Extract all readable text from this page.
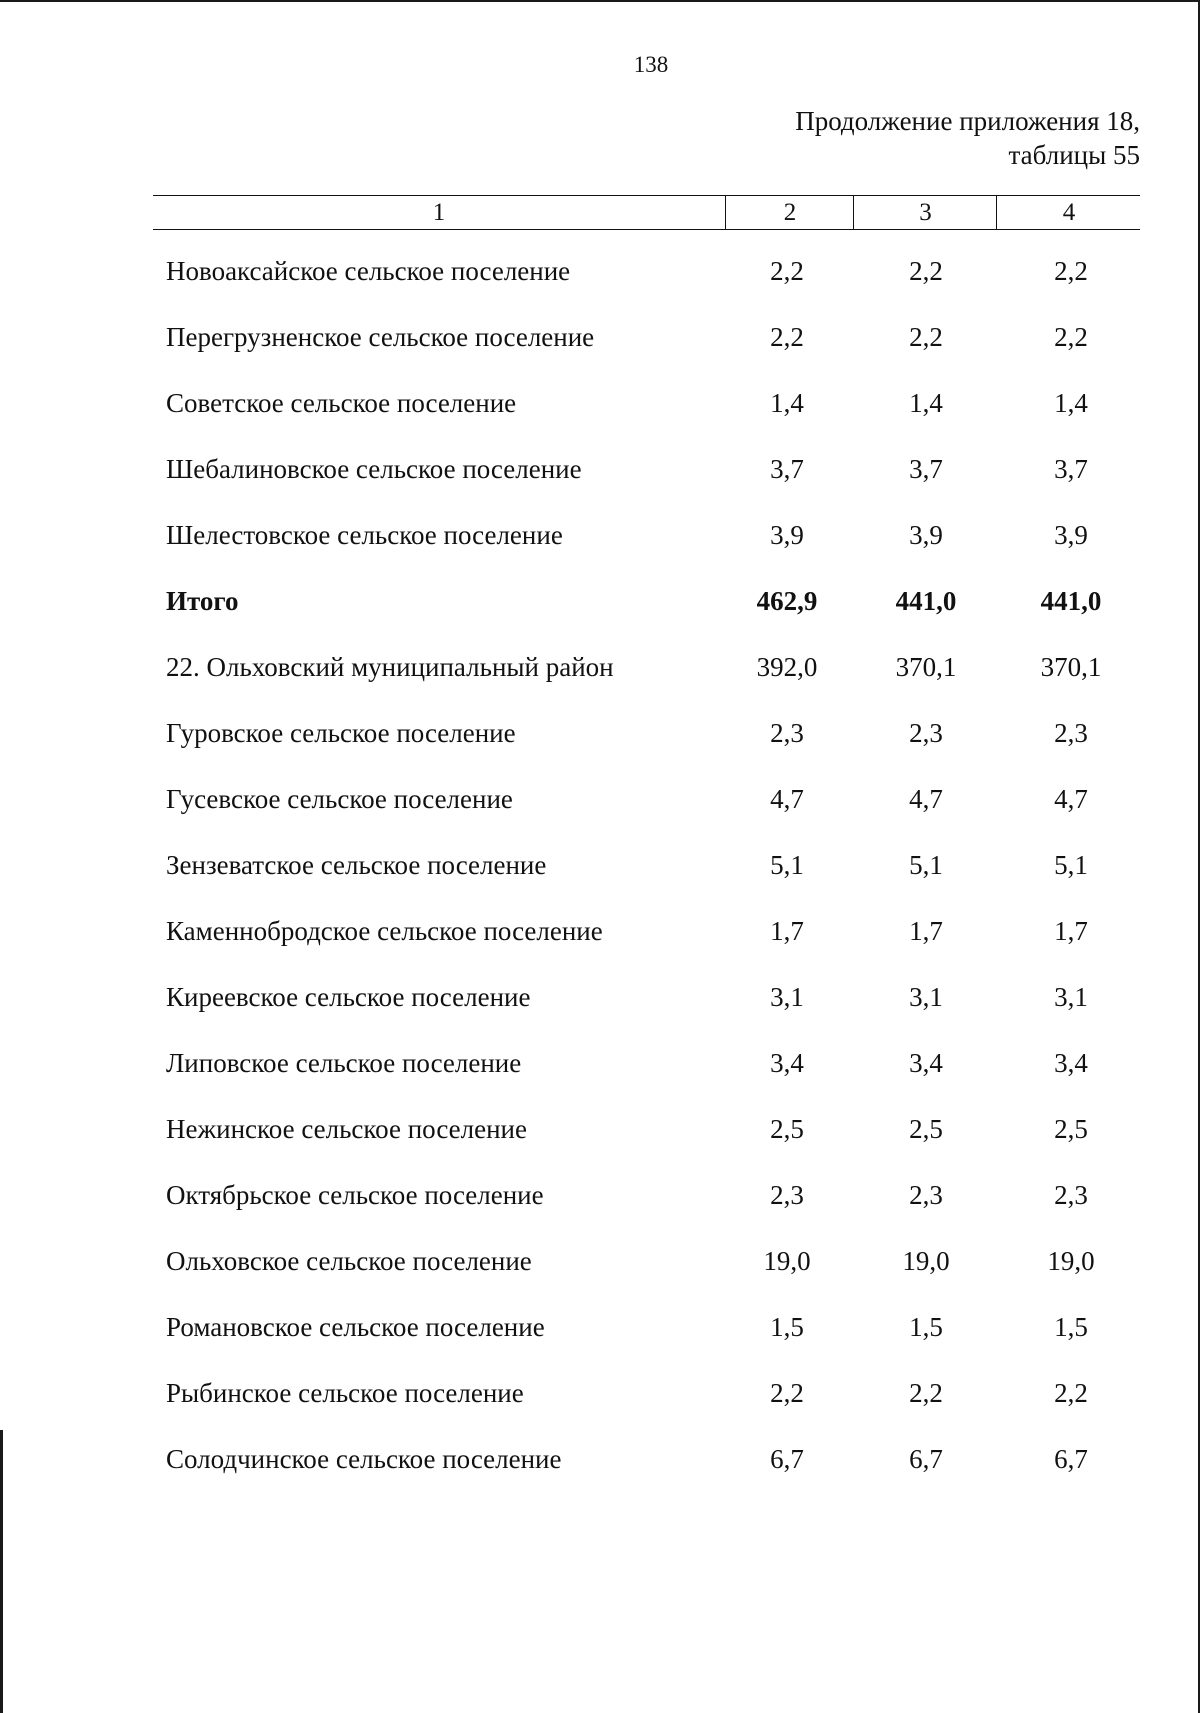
138
Продолжение приложения 18,
таблицы 55
1	2	3	4
Новоаксайское сельское поселение	2,2	2,2	2,2
Перегрузненское сельское поселение	2,2	2,2	2,2
Советское сельское поселение	1,4	1,4	1,4
Шебалиновское сельское поселение	3,7	3,7	3,7
Шелестовское сельское поселение	3,9	3,9	3,9
Итого	462,9	441,0	441,0
22. Ольховский муниципальный район	392,0	370,1	370,1
Гуровское сельское поселение	2,3	2,3	2,3
Гусевское сельское поселение	4,7	4,7	4,7
Зензеватское сельское поселение	5,1	5,1	5,1
Каменнобродское сельское поселение	1,7	1,7	1,7
Киреевское сельское поселение	3,1	3,1	3,1
Липовское сельское поселение	3,4	3,4	3,4
Нежинское сельское поселение	2,5	2,5	2,5
Октябрьское сельское поселение	2,3	2,3	2,3
Ольховское сельское поселение	19,0	19,0	19,0
Романовское сельское поселение	1,5	1,5	1,5
Рыбинское сельское поселение	2,2	2,2	2,2
Солодчинское сельское поселение	6,7	6,7	6,7
